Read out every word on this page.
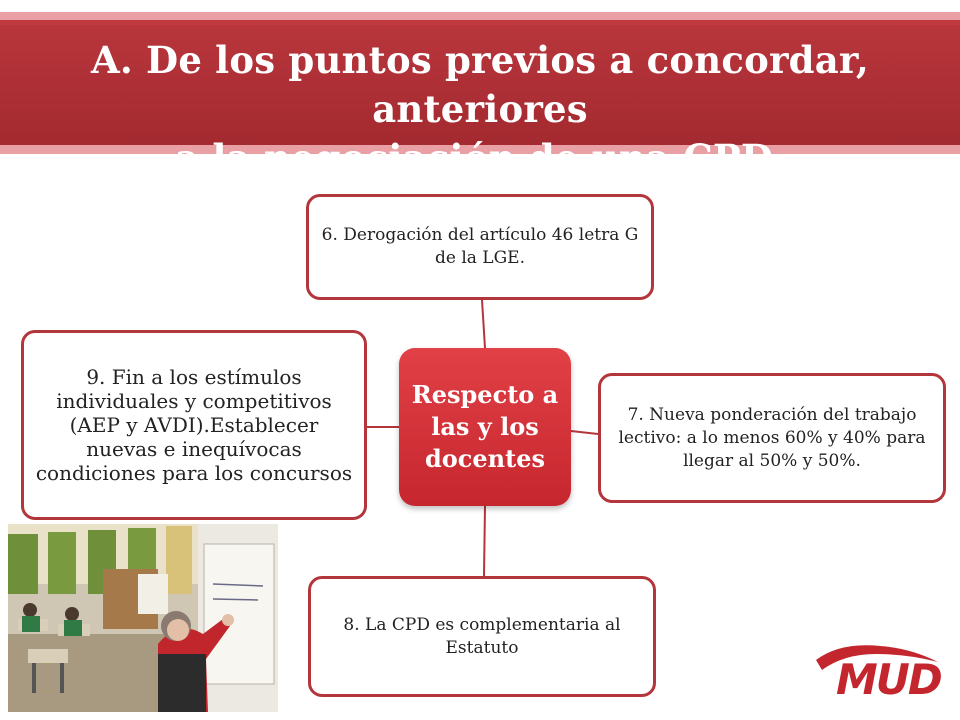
A. De los puntos previos a concordar, anteriores
a la negociación de una CPD.
6. Derogación del artículo 46 letra G de la LGE.
7. Nueva ponderación del trabajo lectivo: a lo menos 60% y 40% para llegar al 50% y 50%.
8. La CPD es complementaria al Estatuto
9. Fin a los estímulos individuales y competitivos (AEP y AVDI).Establecer nuevas e inequívocas condiciones para los concursos
Respecto a las y los docentes
MUD
